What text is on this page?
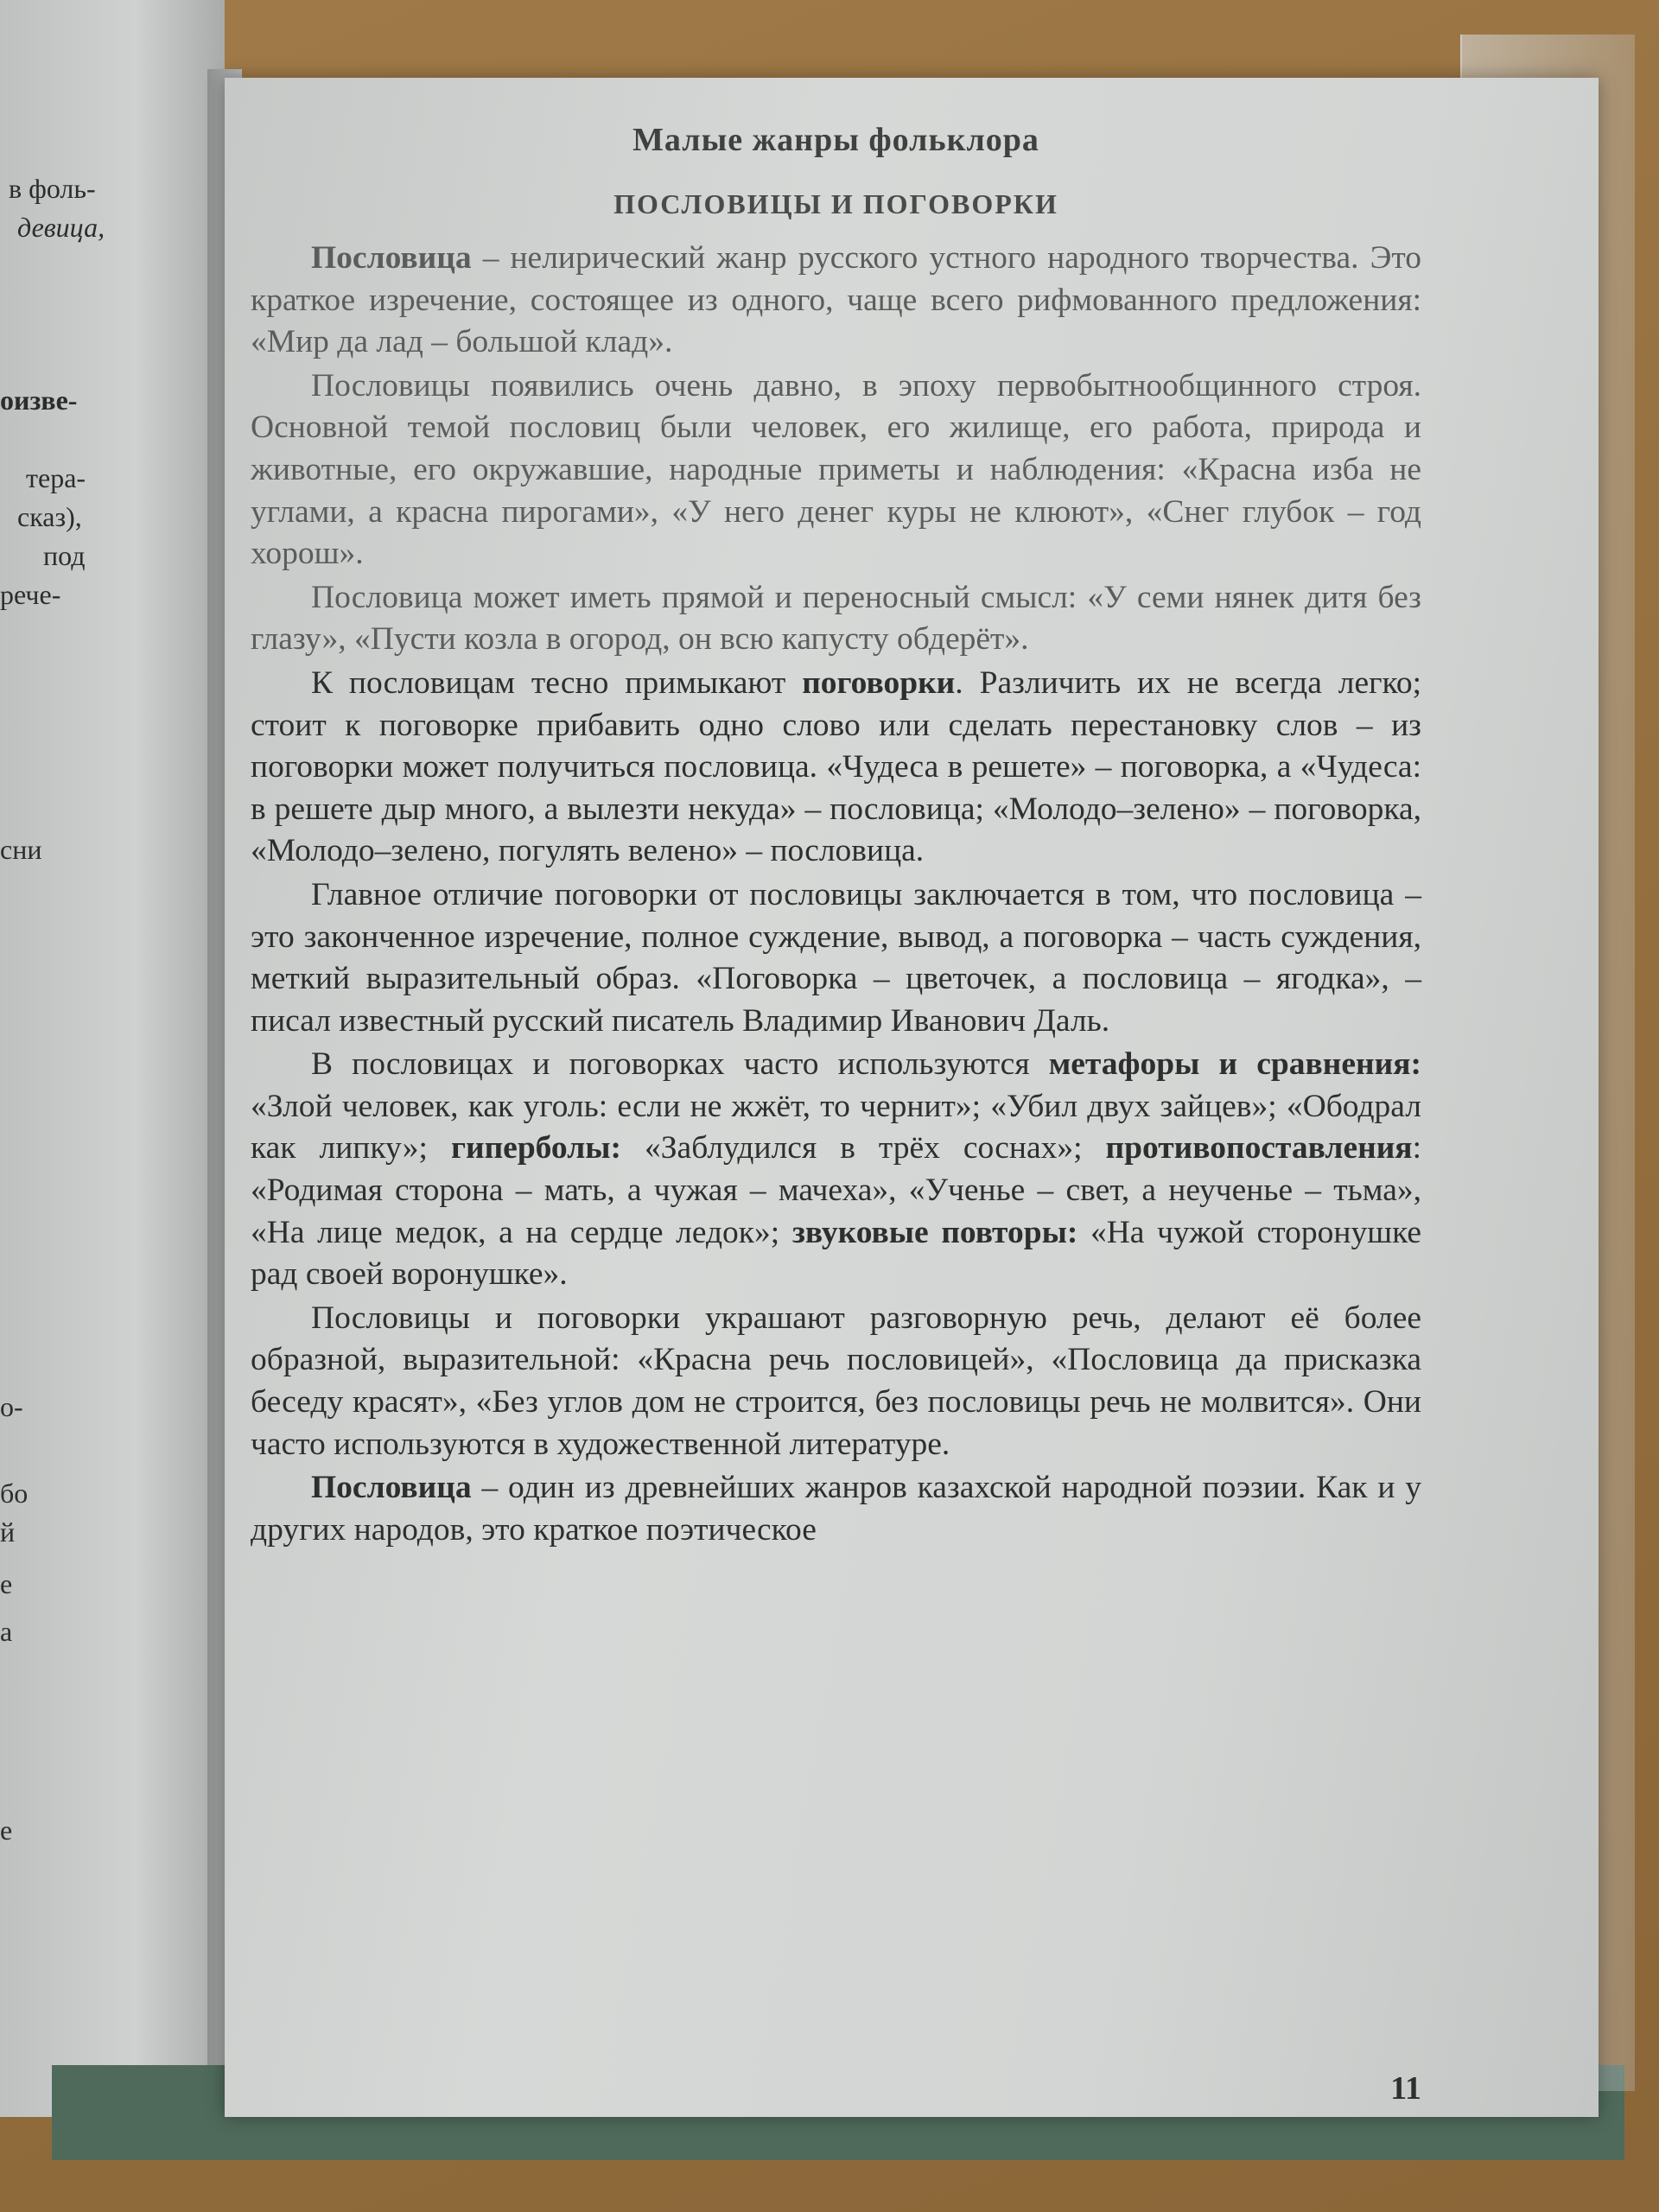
в фоль-
девица,
оизве-
тера-
сказ),
под
рече-
сни
о-
бо
й
е
а
е
Малые жанры фольклора
ПОСЛОВИЦЫ И ПОГОВОРКИ

Пословица – нелирический жанр русского устного народного творчества. Это краткое изречение, состоящее из одного, чаще всего рифмованного предложения: «Мир да лад – большой клад».

Пословицы появились очень давно, в эпоху первобытнообщинного строя. Основной темой пословиц были человек, его жилище, его работа, природа и животные, его окружавшие, народные приметы и наблюдения: «Красна изба не углами, а красна пирогами», «У него денег куры не клюют», «Снег глубок – год хорош».

Пословица может иметь прямой и переносный смысл: «У семи нянек дитя без глазу», «Пусти козла в огород, он всю капусту обдерёт».

К пословицам тесно примыкают поговорки. Различить их не всегда легко; стоит к поговорке прибавить одно слово или сделать перестановку слов – из поговорки может получиться пословица. «Чудеса в решете» – поговорка, а «Чудеса: в решете дыр много, а вылезти некуда» – пословица; «Молодо–зелено» – поговорка, «Молодо–зелено, погулять велено» – пословица.

Главное отличие поговорки от пословицы заключается в том, что пословица – это законченное изречение, полное суждение, вывод, а поговорка – часть суждения, меткий выразительный образ. «Поговорка – цветочек, а пословица – ягодка», – писал известный русский писатель Владимир Иванович Даль.

В пословицах и поговорках часто используются метафоры и сравнения: «Злой человек, как уголь: если не жжёт, то чернит»; «Убил двух зайцев»; «Ободрал как липку»; гиперболы: «Заблудился в трёх соснах»; противопоставления: «Родимая сторона – мать, а чужая – мачеха», «Ученье – свет, а неученье – тьма», «На лице медок, а на сердце ледок»; звуковые повторы: «На чужой сторонушке рад своей воронушке».

Пословицы и поговорки украшают разговорную речь, делают её более образной, выразительной: «Красна речь пословицей», «Пословица да присказка беседу красят», «Без углов дом не строится, без пословицы речь не молвится». Они часто используются в художественной литературе.

Пословица – один из древнейших жанров казахской народной поэзии. Как и у других народов, это краткое поэтическое

11
